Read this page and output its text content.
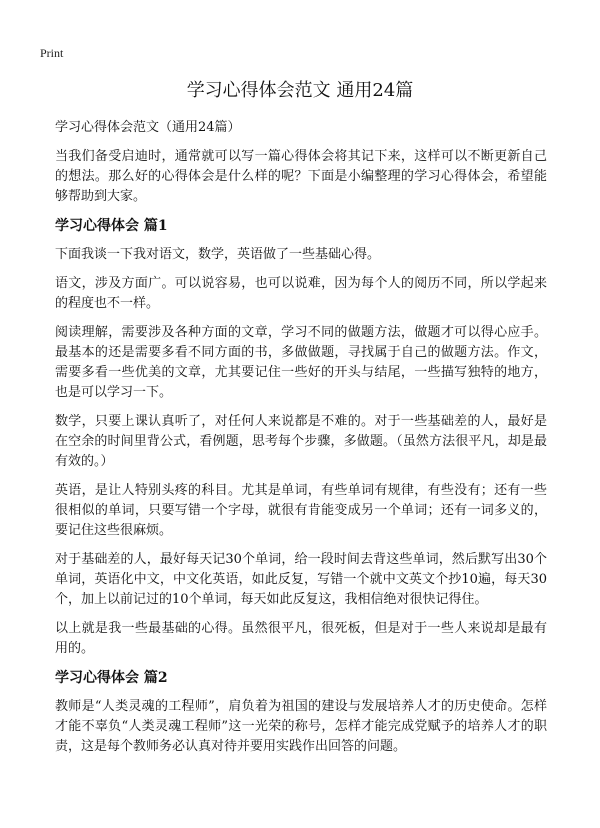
Print
学习心得体会范文 通用24篇

学习心得体会范文（通用24篇）

当我们备受启迪时，通常就可以写一篇心得体会将其记下来，这样可以不断更新自己的想法。那么好的心得体会是什么样的呢？下面是小编整理的学习心得体会，希望能够帮助到大家。

学习心得体会 篇1

下面我谈一下我对语文，数学，英语做了一些基础心得。

语文，涉及方面广。可以说容易，也可以说难，因为每个人的阅历不同，所以学起来的程度也不一样。

阅读理解，需要涉及各种方面的文章，学习不同的做题方法，做题才可以得心应手。最基本的还是需要多看不同方面的书，多做做题，寻找属于自己的做题方法。作文，需要多看一些优美的文章，尤其要记住一些好的开头与结尾，一些描写独特的地方，也是可以学习一下。

数学，只要上课认真听了，对任何人来说都是不难的。对于一些基础差的人，最好是在空余的时间里背公式，看例题，思考每个步骤，多做题。（虽然方法很平凡，却是最有效的。）

英语，是让人特别头疼的科目。尤其是单词，有些单词有规律，有些没有；还有一些很相似的单词，只要写错一个字母，就很有肯能变成另一个单词；还有一词多义的，要记住这些很麻烦。

对于基础差的人，最好每天记30个单词，给一段时间去背这些单词，然后默写出30个单词，英语化中文，中文化英语，如此反复，写错一个就中文英文个抄10遍，每天30个，加上以前记过的10个单词，每天如此反复这，我相信绝对很快记得住。

以上就是我一些最基础的心得。虽然很平凡，很死板，但是对于一些人来说却是最有用的。

学习心得体会 篇2

教师是“人类灵魂的工程师”，肩负着为祖国的建设与发展培养人才的历史使命。怎样才能不辜负“人类灵魂工程师”这一光荣的称号，怎样才能完成党赋予的培养人才的职责，这是每个教师务必认真对待并要用实践作出回答的问题。
